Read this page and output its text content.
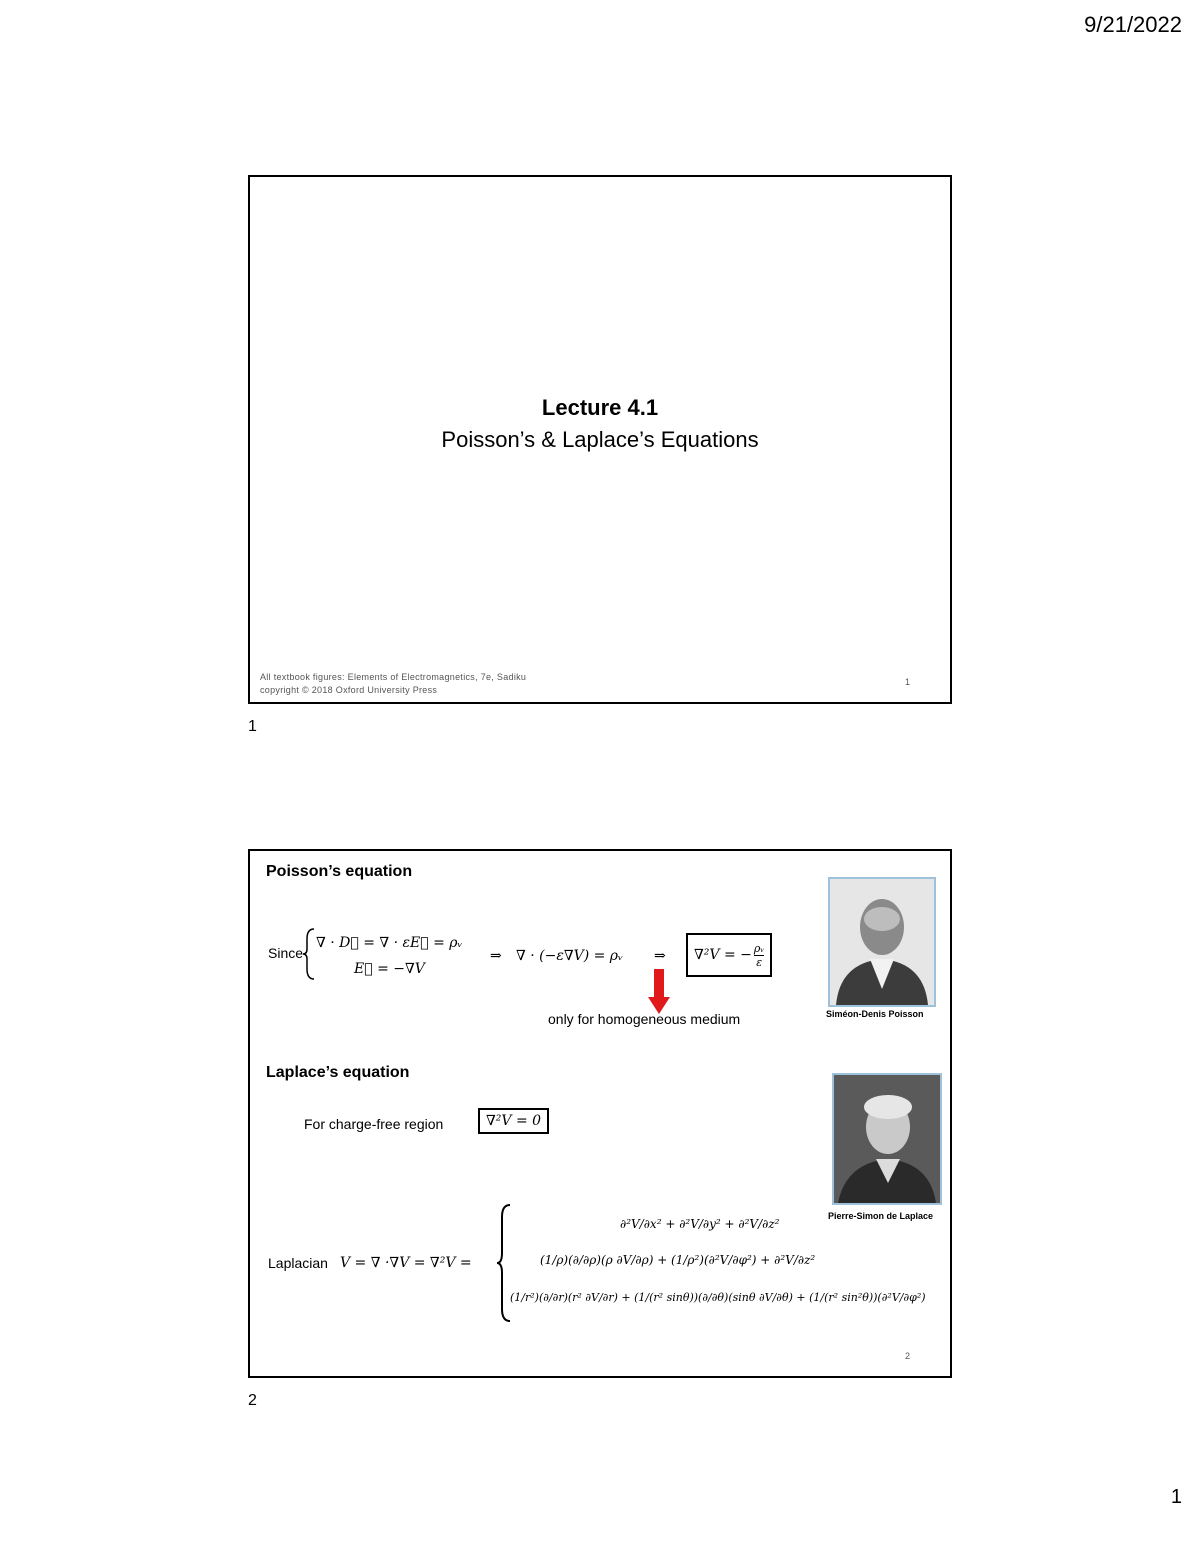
9/21/2022
Lecture 4.1
Poisson’s & Laplace’s Equations
All textbook figures: Elements of Electromagnetics, 7e, Sadiku
copyright © 2018 Oxford University Press
1
1
Poisson’s equation
Since
∇ · D⃗ = ∇ · εE⃗ = ρᵥ
E⃗ = −∇V
⇒ ∇ · (−ε∇V) = ρᵥ ⇒ ∇²V = − $\frac{\text{ρᵥ}}{\varepsilon}$
only for homogeneous medium	Siméon-Denis Poisson
Laplace’s equation
For charge-free region	∇²V = 0
Pierre-Simon de Laplace
Laplacian V = ∇ ·∇V = ∇²V =
∂²V/∂x² + ∂²V/∂y² + ∂²V/∂z²
(1/ρ)(∂/∂ρ)(ρ ∂V/∂ρ) + (1/ρ²)(∂²V/∂φ²) + ∂²V/∂z²
(1/r²)(∂/∂r)(r² ∂V/∂r) + (1/(r² sinθ))(∂/∂θ)(sinθ ∂V/∂θ) + (1/(r² sin²θ))(∂²V/∂φ²)
2
2
1
